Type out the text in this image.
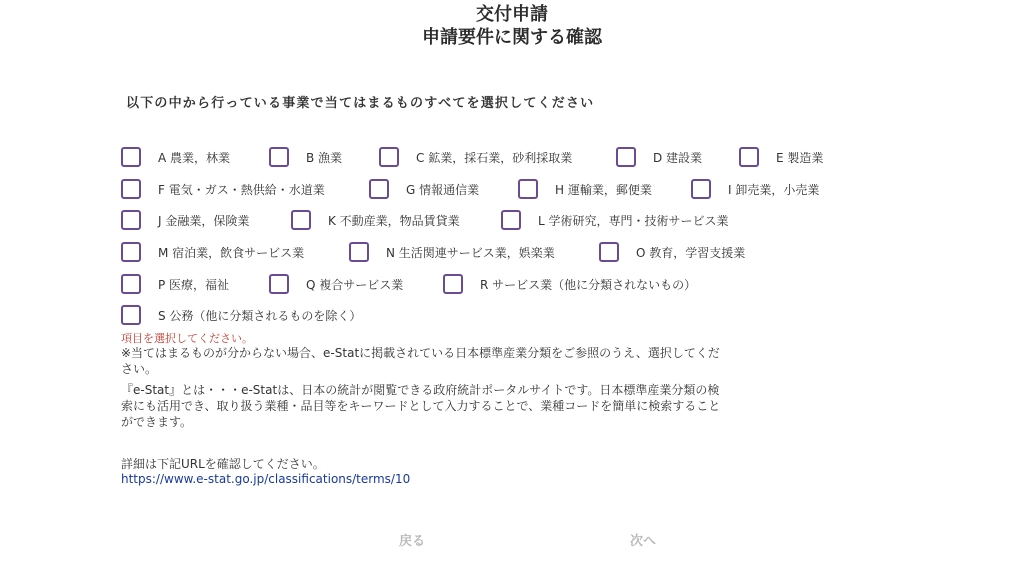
交付申請
申請要件に関する確認
以下の中から行っている事業で当てはまるものすべてを選択してください
A 農業，林業	B 漁業	C 鉱業，採石業，砂利採取業	D 建設業	E 製造業
F 電気・ガス・熱供給・水道業	G 情報通信業	H 運輸業，郵便業	I 卸売業，小売業
J 金融業，保険業	K 不動産業，物品賃貸業	L 学術研究，専門・技術サービス業
M 宿泊業，飲食サービス業	N 生活関連サービス業，娯楽業	O 教育，学習支援業
P 医療，福祉	Q 複合サービス業	R サービス業（他に分類されないもの）
S 公務（他に分類されるものを除く）
項目を選択してください。
※当てはまるものが分からない場合、e-Statに掲載されている日本標準産業分類をご参照のうえ、選択してください。
『e-Stat』とは・・・e-Statは、日本の統計が閲覧できる政府統計ポータルサイトです。日本標準産業分類の検索にも活用でき、取り扱う業種・品目等をキーワードとして入力することで、業種コードを簡単に検索することができます。
詳細は下記URLを確認してください。
https://www.e-stat.go.jp/classifications/terms/10
戻る	次へ
